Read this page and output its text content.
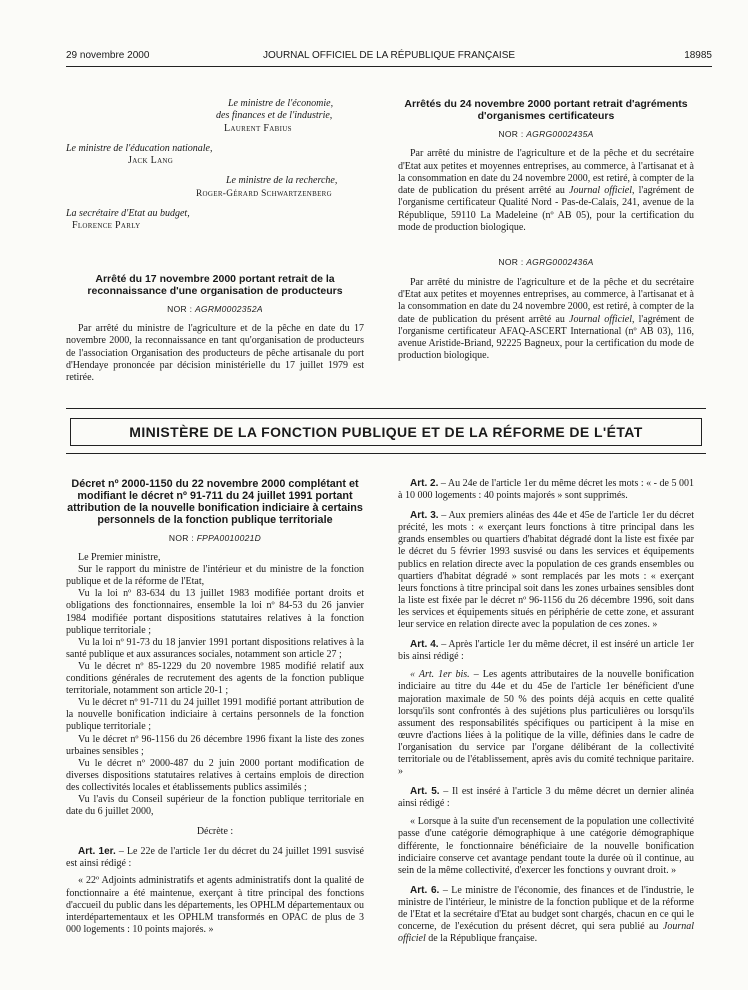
29 novembre 2000	JOURNAL OFFICIEL DE LA RÉPUBLIQUE FRANÇAISE	18985
Le ministre de l'économie,
des finances et de l'industrie,
Laurent Fabius
Le ministre de l'éducation nationale,
Jack Lang
Le ministre de la recherche,
Roger-Gérard Schwartzenberg
La secrétaire d'Etat au budget,
Florence Parly
Arrêté du 17 novembre 2000 portant retrait de la reconnaissance d'une organisation de producteurs
NOR : AGRM0002352A

Par arrêté du ministre de l'agriculture et de la pêche en date du 17 novembre 2000, la reconnaissance en tant qu'organisation de producteurs de l'association Organisation des producteurs de pêche artisanale du port d'Hendaye prononcée par décision ministérielle du 17 juillet 1979 est retirée.

Arrêtés du 24 novembre 2000 portant retrait d'agréments d'organismes certificateurs
NOR : AGRG0002435A

Par arrêté du ministre de l'agriculture et de la pêche et du secrétaire d'Etat aux petites et moyennes entreprises, au commerce, à l'artisanat et à la consommation en date du 24 novembre 2000, est retiré, à compter de la date de publication du présent arrêté au Journal officiel, l'agrément de l'organisme certificateur Qualité Nord - Pas-de-Calais, 241, avenue de la République, 59110 La Madeleine (nº AB 05), pour la certification du mode de production biologique.

NOR : AGRG0002436A

Par arrêté du ministre de l'agriculture et de la pêche et du secrétaire d'Etat aux petites et moyennes entreprises, au commerce, à l'artisanat et à la consommation en date du 24 novembre 2000, est retiré, à compter de la date de publication du présent arrêté au Journal officiel, l'agrément de l'organisme certificateur AFAQ-ASCERT International (nº AB 03), 116, avenue Aristide-Briand, 92225 Bagneux, pour la certification du mode de production biologique.

MINISTÈRE DE LA FONCTION PUBLIQUE ET DE LA RÉFORME DE L'ÉTAT
Décret nº 2000-1150 du 22 novembre 2000 complétant et modifiant le décret nº 91-711 du 24 juillet 1991 portant attribution de la nouvelle bonification indiciaire à certains personnels de la fonction publique territoriale
NOR : FPPA0010021D

Le Premier ministre,

Sur le rapport du ministre de l'intérieur et du ministre de la fonction publique et de la réforme de l'Etat,

Vu la loi nº 83-634 du 13 juillet 1983 modifiée portant droits et obligations des fonctionnaires, ensemble la loi nº 84-53 du 26 janvier 1984 modifiée portant dispositions statutaires relatives à la fonction publique territoriale ;

Vu la loi nº 91-73 du 18 janvier 1991 portant dispositions relatives à la santé publique et aux assurances sociales, notamment son article 27 ;

Vu le décret nº 85-1229 du 20 novembre 1985 modifié relatif aux conditions générales de recrutement des agents de la fonction publique territoriale, notamment son article 20-1 ;

Vu le décret nº 91-711 du 24 juillet 1991 modifié portant attribution de la nouvelle bonification indiciaire à certains personnels de la fonction publique territoriale ;

Vu le décret nº 96-1156 du 26 décembre 1996 fixant la liste des zones urbaines sensibles ;

Vu le décret nº 2000-487 du 2 juin 2000 portant modification de diverses dispositions statutaires relatives à certains emplois de direction des collectivités locales et établissements publics assimilés ;

Vu l'avis du Conseil supérieur de la fonction publique territoriale en date du 6 juillet 2000,

Décrète :

Art. 1er. – Le 22e de l'article 1er du décret du 24 juillet 1991 susvisé est ainsi rédigé :

« 22º Adjoints administratifs et agents administratifs dont la qualité de fonctionnaire a été maintenue, exerçant à titre principal des fonctions d'accueil du public dans les départements, les OPHLM départementaux ou interdépartementaux et les OPHLM transformés en OPAC de plus de 3 000 logements : 10 points majorés. »

Art. 2. – Au 24e de l'article 1er du même décret les mots : « - de 5 001 à 10 000 logements : 40 points majorés » sont supprimés.

Art. 3. – Aux premiers alinéas des 44e et 45e de l'article 1er du décret précité, les mots : « exerçant leurs fonctions à titre principal dans les grands ensembles ou quartiers d'habitat dégradé dont la liste est fixée par le décret du 5 février 1993 susvisé ou dans les services et équipements publics en relation directe avec la population de ces grands ensembles ou quartiers d'habitat dégradé » sont remplacés par les mots : « exerçant leurs fonctions à titre principal soit dans les zones urbaines sensibles dont la liste est fixée par le décret nº 96-1156 du 26 décembre 1996, soit dans les services et équipements situés en périphérie de cette zone, et assurant leur service en relation directe avec la population de ces zones. »

Art. 4. – Après l'article 1er du même décret, il est inséré un article 1er bis ainsi rédigé :

« Art. 1er bis. – Les agents attributaires de la nouvelle bonification indiciaire au titre du 44e et du 45e de l'article 1er bénéficient d'une majoration maximale de 50 % des points déjà acquis en cette qualité lorsqu'ils sont confrontés à des sujétions plus particulières ou lorsqu'ils assument des responsabilités spécifiques ou participent à la mise en œuvre d'actions liées à la politique de la ville, définies dans le cadre de l'organisation du service par l'organe délibérant de la collectivité territoriale ou de l'établissement, après avis du comité technique paritaire. »

Art. 5. – Il est inséré à l'article 3 du même décret un dernier alinéa ainsi rédigé :

« Lorsque à la suite d'un recensement de la population une collectivité passe d'une catégorie démographique à une catégorie démographique différente, le fonctionnaire bénéficiaire de la nouvelle bonification indiciaire conserve cet avantage pendant toute la durée où il continue, au sein de la même collectivité, d'exercer les fonctions y ouvrant droit. »

Art. 6. – Le ministre de l'économie, des finances et de l'industrie, le ministre de l'intérieur, le ministre de la fonction publique et de la réforme de l'Etat et la secrétaire d'Etat au budget sont chargés, chacun en ce qui le concerne, de l'exécution du présent décret, qui sera publié au Journal officiel de la République française.
